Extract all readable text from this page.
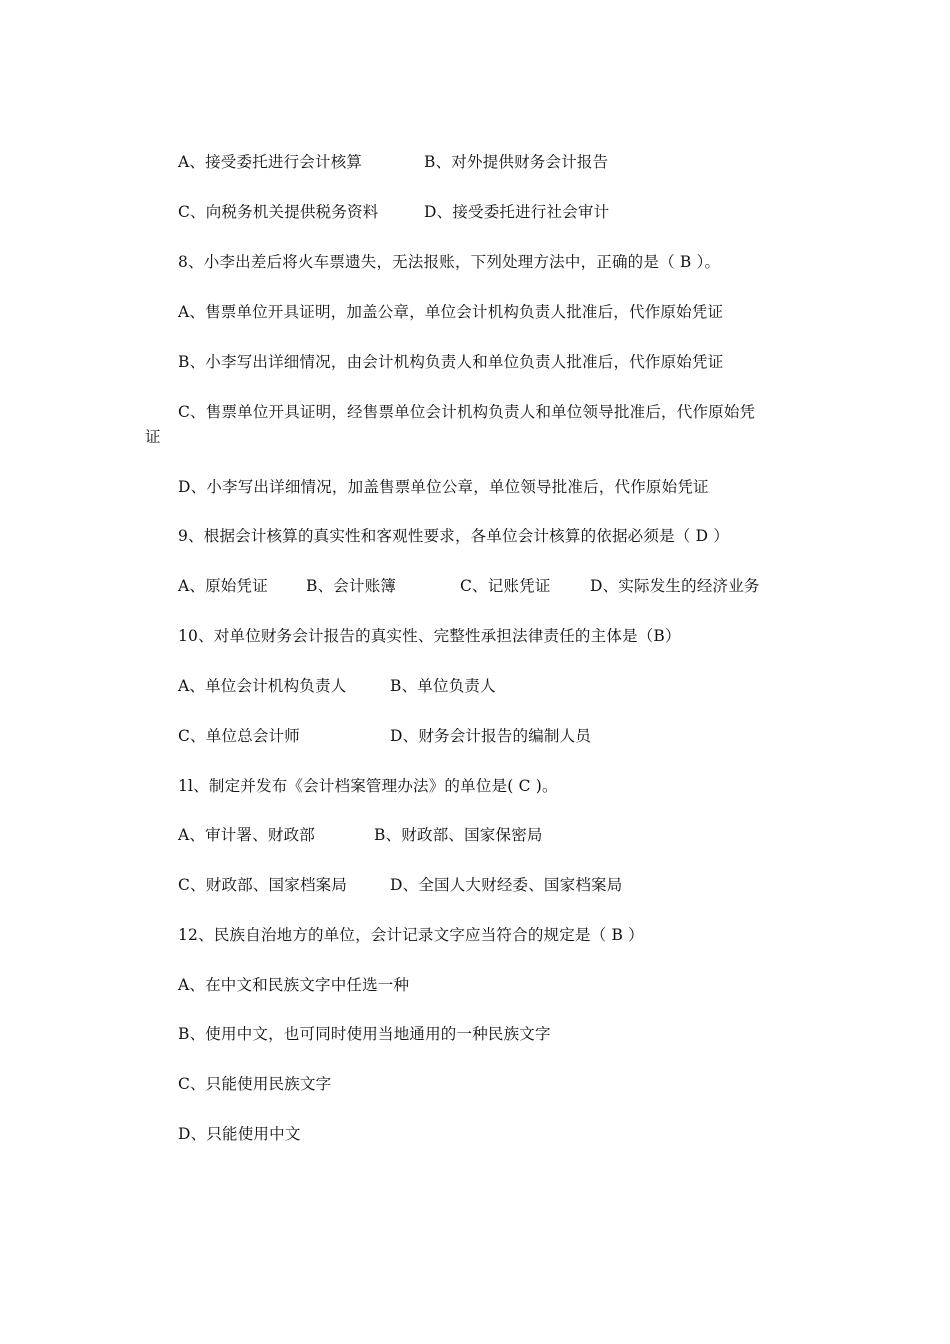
A、接受委托进行会计核算	B、对外提供财务会计报告
C、向税务机关提供税务资料	D、接受委托进行社会审计
8、小李出差后将火车票遗失，无法报账，下列处理方法中，正确的是（ B ）。
A、售票单位开具证明，加盖公章，单位会计机构负责人批准后，代作原始凭证
B、小李写出详细情况，由会计机构负责人和单位负责人批准后，代作原始凭证
C、售票单位开具证明，经售票单位会计机构负责人和单位领导批准后，代作原始凭
证
D、小李写出详细情况，加盖售票单位公章，单位领导批准后，代作原始凭证
9、根据会计核算的真实性和客观性要求，各单位会计核算的依据必须是（ D ）
A、原始凭证 B、会计账簿	C、记账凭证	D、实际发生的经济业务
10、对单位财务会计报告的真实性、完整性承担法律责任的主体是（B）
A、单位会计机构负责人	B、单位负责人
C、单位总会计师	D、财务会计报告的编制人员
1l、制定并发布《会计档案管理办法》的单位是( C )。
A、审计署、财政部	B、财政部、国家保密局
C、财政部、国家档案局	D、全国人大财经委、国家档案局
12、民族自治地方的单位，会计记录文字应当符合的规定是（ B ）
A、在中文和民族文字中任选一种
B、使用中文，也可同时使用当地通用的一种民族文字
C、只能使用民族文字
D、只能使用中文
